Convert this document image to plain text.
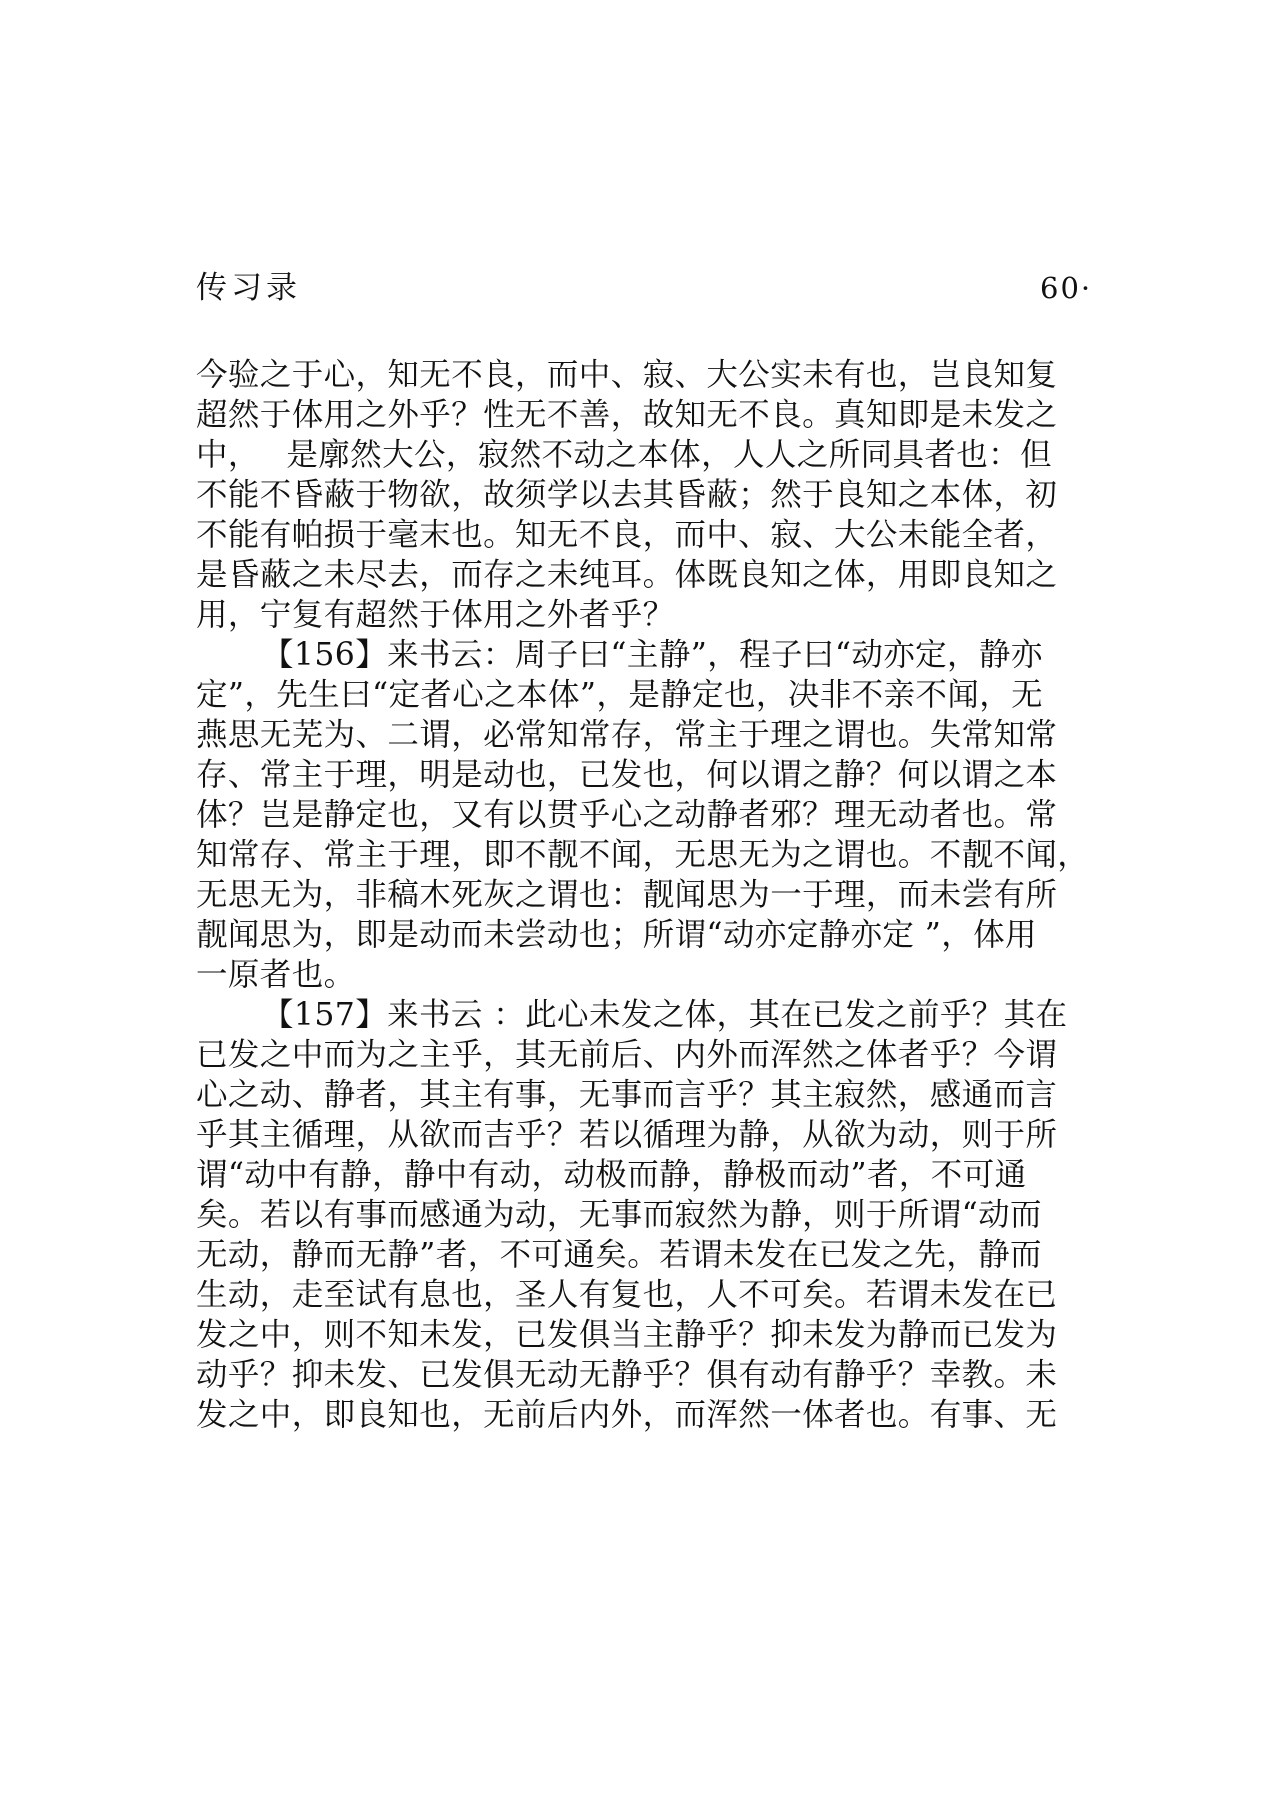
传习录	60·
今验之于心，知无不良，而中、寂、大公实未有也，岂良知复
超然于体用之外乎？性无不善，故知无不良。真知即是未发之
中，　 是廓然大公，寂然不动之本体，人人之所同具者也：但
不能不昏蔽于物欲，故须学以去其昏蔽；然于良知之本体，初
不能有帕损于毫末也。知无不良，而中、寂、大公未能全者，
是昏蔽之未尽去，而存之未纯耳。体既良知之体，用即良知之
用，宁复有超然于体用之外者乎？
【156】来书云：周子曰“主静”，程子曰“动亦定，静亦
定”，先生曰“定者心之本体”，是静定也，决非不亲不闻，无
燕思无芜为、二谓，必常知常存，常主于理之谓也。失常知常
存、常主于理，明是动也，已发也，何以谓之静？何以谓之本
体？岂是静定也，又有以贯乎心之动静者邪？理无动者也。常
知常存、常主于理，即不靓不闻，无思无为之谓也。不靓不闻，
无思无为，非稿木死灰之谓也：靓闻思为一于理，而未尝有所
靓闻思为，即是动而未尝动也；所谓“动亦定静亦定 ”，体用
一原者也。
【157】来书云 ：此心未发之体，其在已发之前乎？其在
已发之中而为之主乎，其无前后、内外而浑然之体者乎？今谓
心之动、静者，其主有事，无事而言乎？其主寂然，感通而言
乎其主循理，从欲而吉乎？若以循理为静，从欲为动，则于所
谓“动中有静，静中有动，动极而静，静极而动”者，不可通
矣。若以有事而感通为动，无事而寂然为静，则于所谓“动而
无动，静而无静”者，不可通矣。若谓未发在已发之先，静而
生动，走至试有息也，圣人有复也，人不可矣。若谓未发在已
发之中，则不知未发，已发俱当主静乎？抑未发为静而已发为
动乎？抑未发、已发俱无动无静乎？俱有动有静乎？幸教。未
发之中，即良知也，无前后内外，而浑然一体者也。有事、无
